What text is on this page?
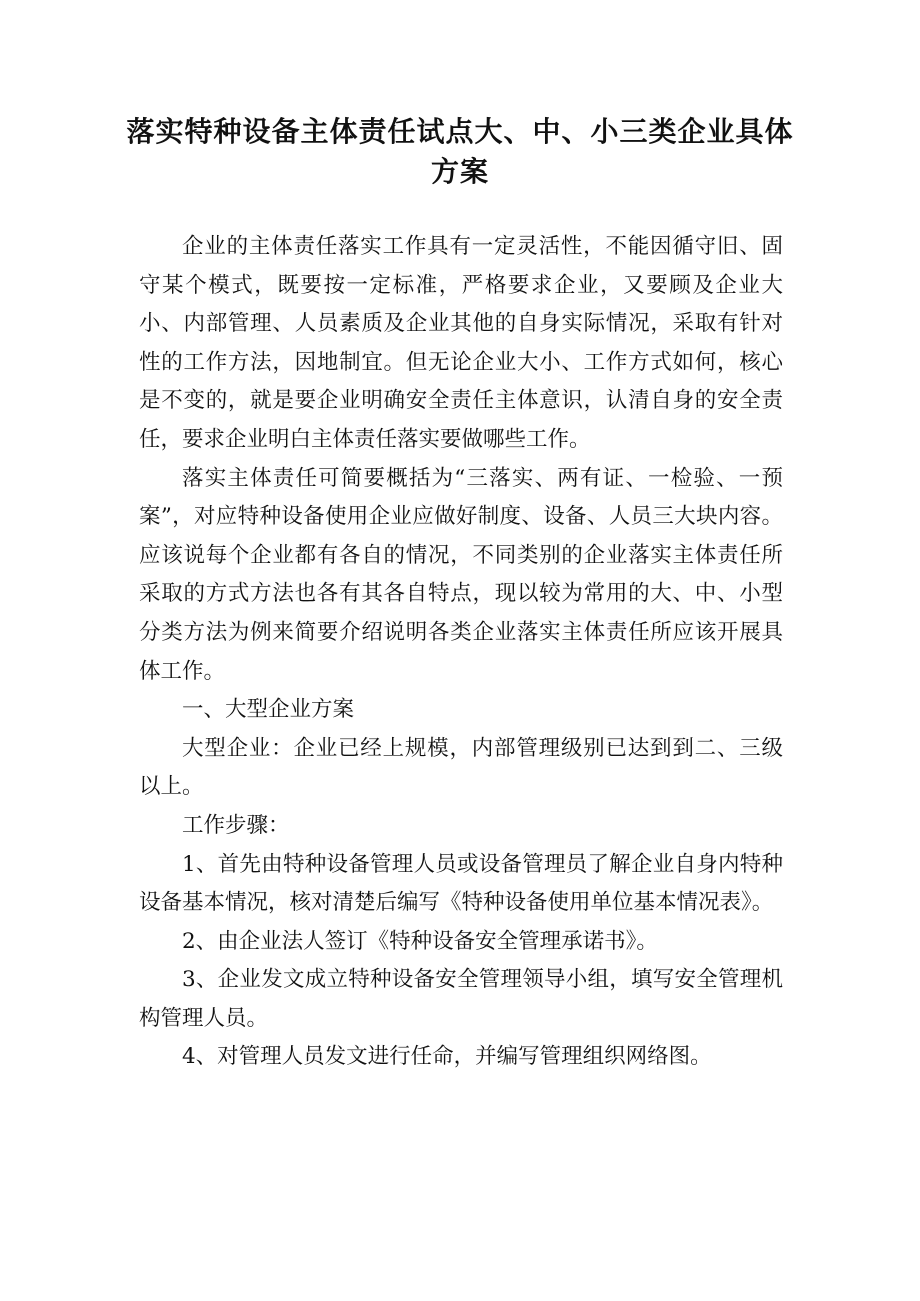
落实特种设备主体责任试点大、中、小三类企业具体
方案

企业的主体责任落实工作具有一定灵活性，不能因循守旧、固守某个模式，既要按一定标准，严格要求企业，又要顾及企业大小、内部管理、人员素质及企业其他的自身实际情况，采取有针对性的工作方法，因地制宜。但无论企业大小、工作方式如何，核心是不变的，就是要企业明确安全责任主体意识，认清自身的安全责任，要求企业明白主体责任落实要做哪些工作。

落实主体责任可简要概括为“三落实、两有证、一检验、一预案”，对应特种设备使用企业应做好制度、设备、人员三大块内容。应该说每个企业都有各自的情况，不同类别的企业落实主体责任所采取的方式方法也各有其各自特点，现以较为常用的大、中、小型分类方法为例来简要介绍说明各类企业落实主体责任所应该开展具体工作。

一、大型企业方案

大型企业：企业已经上规模，内部管理级别已达到到二、三级以上。

工作步骤：

1、首先由特种设备管理人员或设备管理员了解企业自身内特种设备基本情况，核对清楚后编写《特种设备使用单位基本情况表》。

2、由企业法人签订《特种设备安全管理承诺书》。

3、企业发文成立特种设备安全管理领导小组，填写安全管理机构管理人员。

4、对管理人员发文进行任命，并编写管理组织网络图。
